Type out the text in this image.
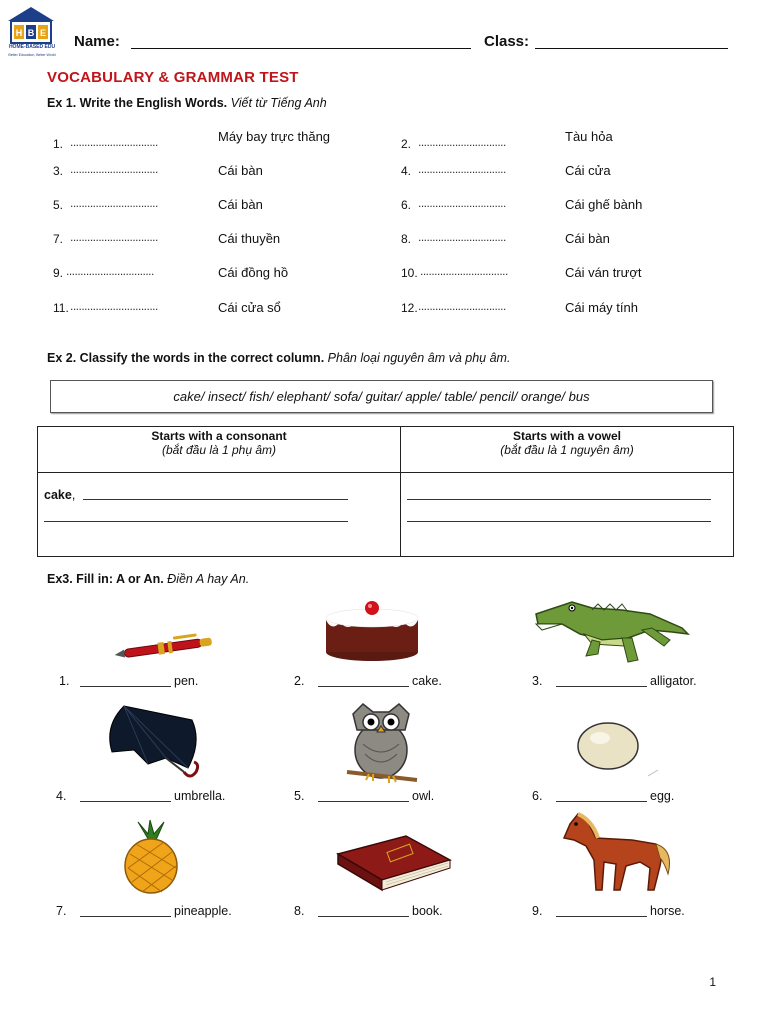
H B E
HOME-BASED EDU
Better Education, Better World
Name:	Class:
VOCABULARY & GRAMMAR TEST
Ex 1. Write the English Words. Viết từ Tiếng Anh
1. ...............................	Máy bay trực thăng	2. ...............................	Tàu hỏa
3. ...............................	Cái bàn	4. ...............................	Cái cửa
5. ...............................	Cái bàn	6. ...............................	Cái ghế bành
7. ...............................	Cái thuyền	8. ...............................	Cái bàn
9. ...............................	Cái đồng hồ	10. ...............................	Cái ván trượt
11. ...............................	Cái cửa sổ	12. ...............................	Cái máy tính
Ex 2. Classify the words in the correct column. Phân loại nguyên âm và phụ âm.
cake/ insect/ fish/ elephant/ sofa/ guitar/ apple/ table/ pencil/ orange/ bus
Starts with a consonant
(bắt đầu là 1 phụ âm)	Starts with a vowel
(bắt đầu là 1 nguyên âm)

cake,
Ex3. Fill in: A or An. Điền A hay An.
1.	pen.	2.	cake.	3.	alligator.
4.	umbrella.	5.	owl.	6.	egg.
7.	pineapple.	8.	book.	9.	horse.
1
